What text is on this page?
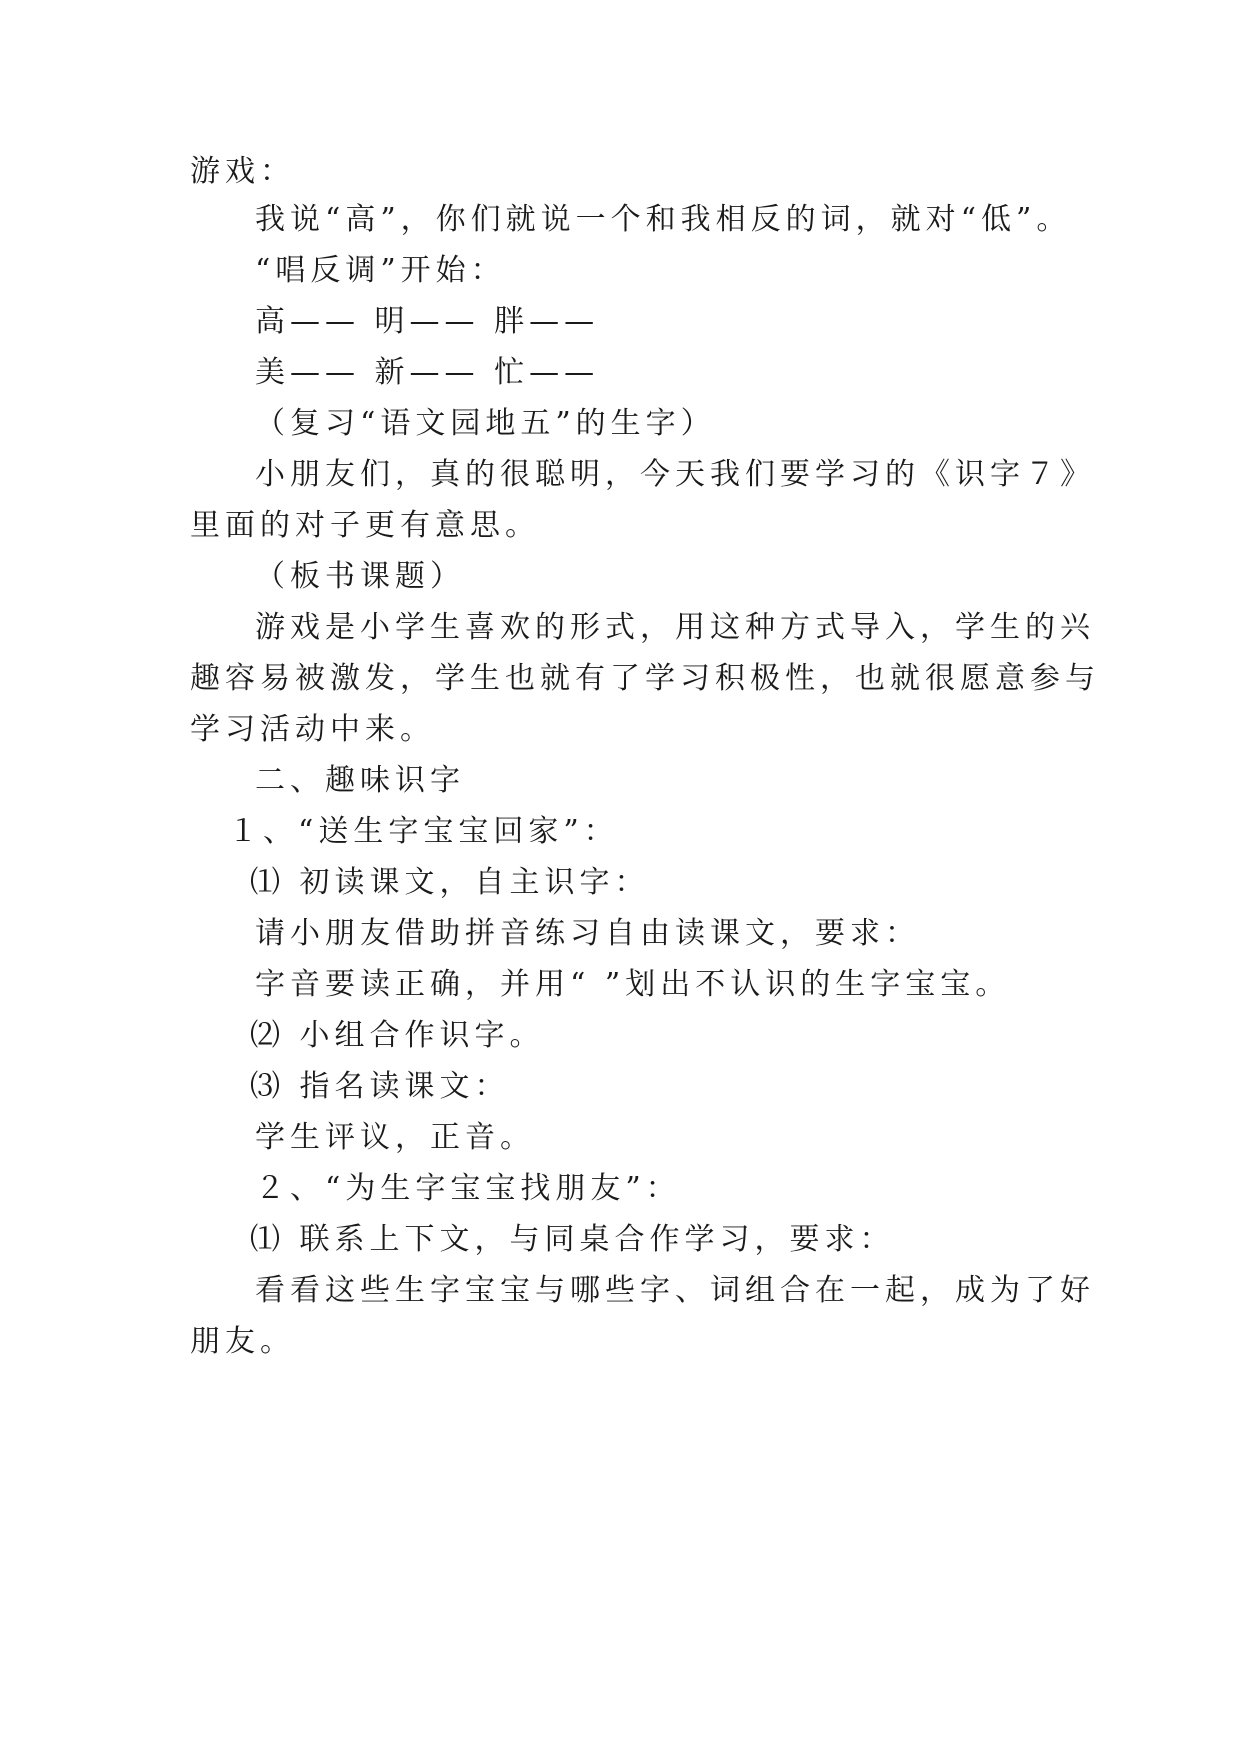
游戏：
我说“高”，你们就说一个和我相反的词，就对“低”。
“唱反调”开始：
高—— 明—— 胖——
美—— 新—— 忙——
（复习“语文园地五”的生字）
小朋友们，真的很聪明，今天我们要学习的《识字７》
里面的对子更有意思。
（板书课题）
游戏是小学生喜欢的形式，用这种方式导入，学生的兴
趣容易被激发，学生也就有了学习积极性，也就很愿意参与
学习活动中来。
二、趣味识字
１、“送生字宝宝回家”：
⑴ 初读课文，自主识字：
请小朋友借助拼音练习自由读课文，要求：
字音要读正确，并用“ ”划出不认识的生字宝宝。
⑵ 小组合作识字。
⑶ 指名读课文：
学生评议，正音。
２、“为生字宝宝找朋友”：
⑴ 联系上下文，与同桌合作学习，要求：
看看这些生字宝宝与哪些字、词组合在一起，成为了好
朋友。
